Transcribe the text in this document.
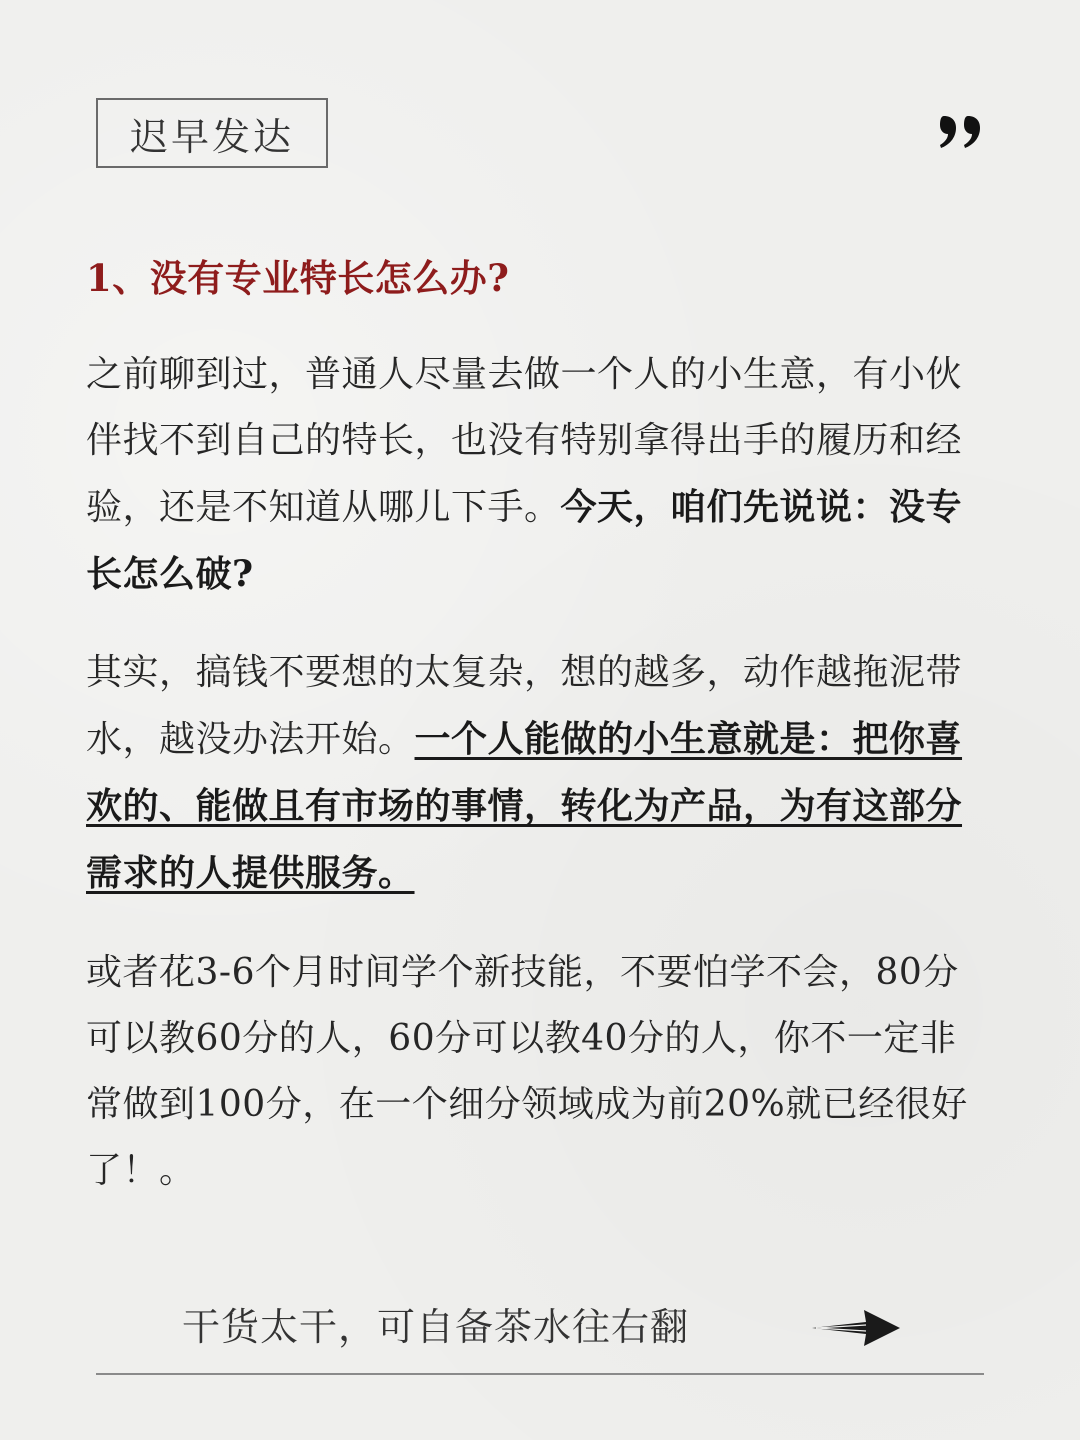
迟早发达
1、没有专业特长怎么办?

之前聊到过，普通人尽量去做一个人的小生意，有小伙伴找不到自己的特长，也没有特别拿得出手的履历和经验，还是不知道从哪儿下手。今天，咱们先说说：没专长怎么破?

其实，搞钱不要想的太复杂，想的越多，动作越拖泥带水，越没办法开始。一个人能做的小生意就是：把你喜欢的、能做且有市场的事情，转化为产品，为有这部分需求的人提供服务。

或者花3-6个月时间学个新技能，不要怕学不会，80分可以教60分的人，60分可以教40分的人，你不一定非常做到100分，在一个细分领域成为前20%就已经很好了！。

干货太干，可自备茶水往右翻
